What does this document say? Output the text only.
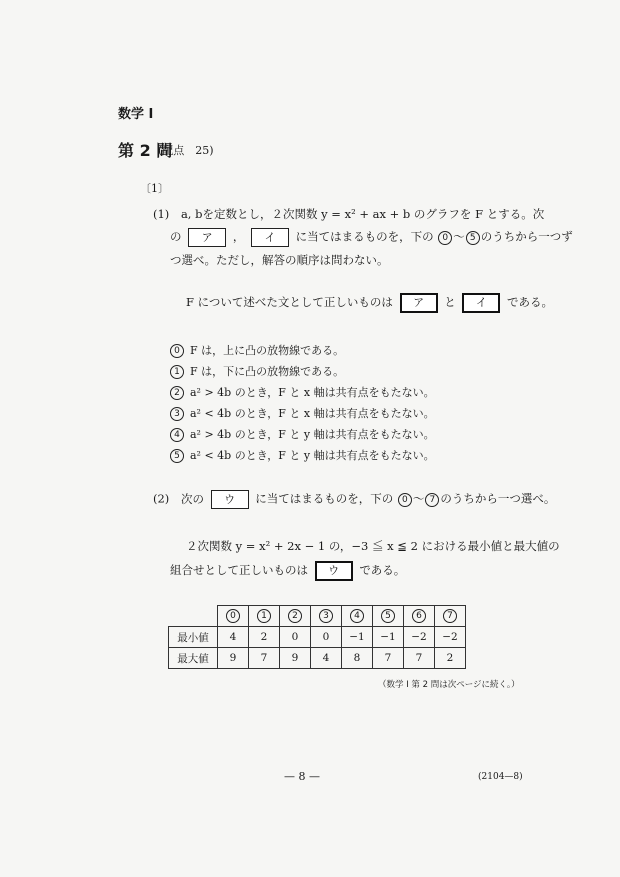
数学 I
第 2 問
(配点　25)
〔1〕
(1) a, bを定数とし，２次関数 y = x² + ax + b のグラフを F とする。次
の ア ， イ に当てはまるものを，下の 0 ～ 5 のうちから一つず
つ選べ。ただし，解答の順序は問わない。
F について述べた文として正しいものは ア と イ である。
0 F は，上に凸の放物線である。
1 F は，下に凸の放物線である。
2 a² > 4b のとき，F と x 軸は共有点をもたない。
3 a² < 4b のとき，F と x 軸は共有点をもたない。
4 a² > 4b のとき，F と y 軸は共有点をもたない。
5 a² < 4b のとき，F と y 軸は共有点をもたない。
(2) 次の ウ に当てはまるものを，下の 0 ～ 7 のうちから一つ選べ。
２次関数 y = x² + 2x − 1 の，−3 ≦ x ≦ 2 における最小値と最大値の
組合せとして正しいものは ウ である。
	0	1	2	3	4	5	6	7
最小値	4	2	0	0	−1	−1	−2	−2
最大値	9	7	9	4	8	7	7	2
（数学 I 第 2 問は次ページに続く。）
— 8 —	(2104—8)
